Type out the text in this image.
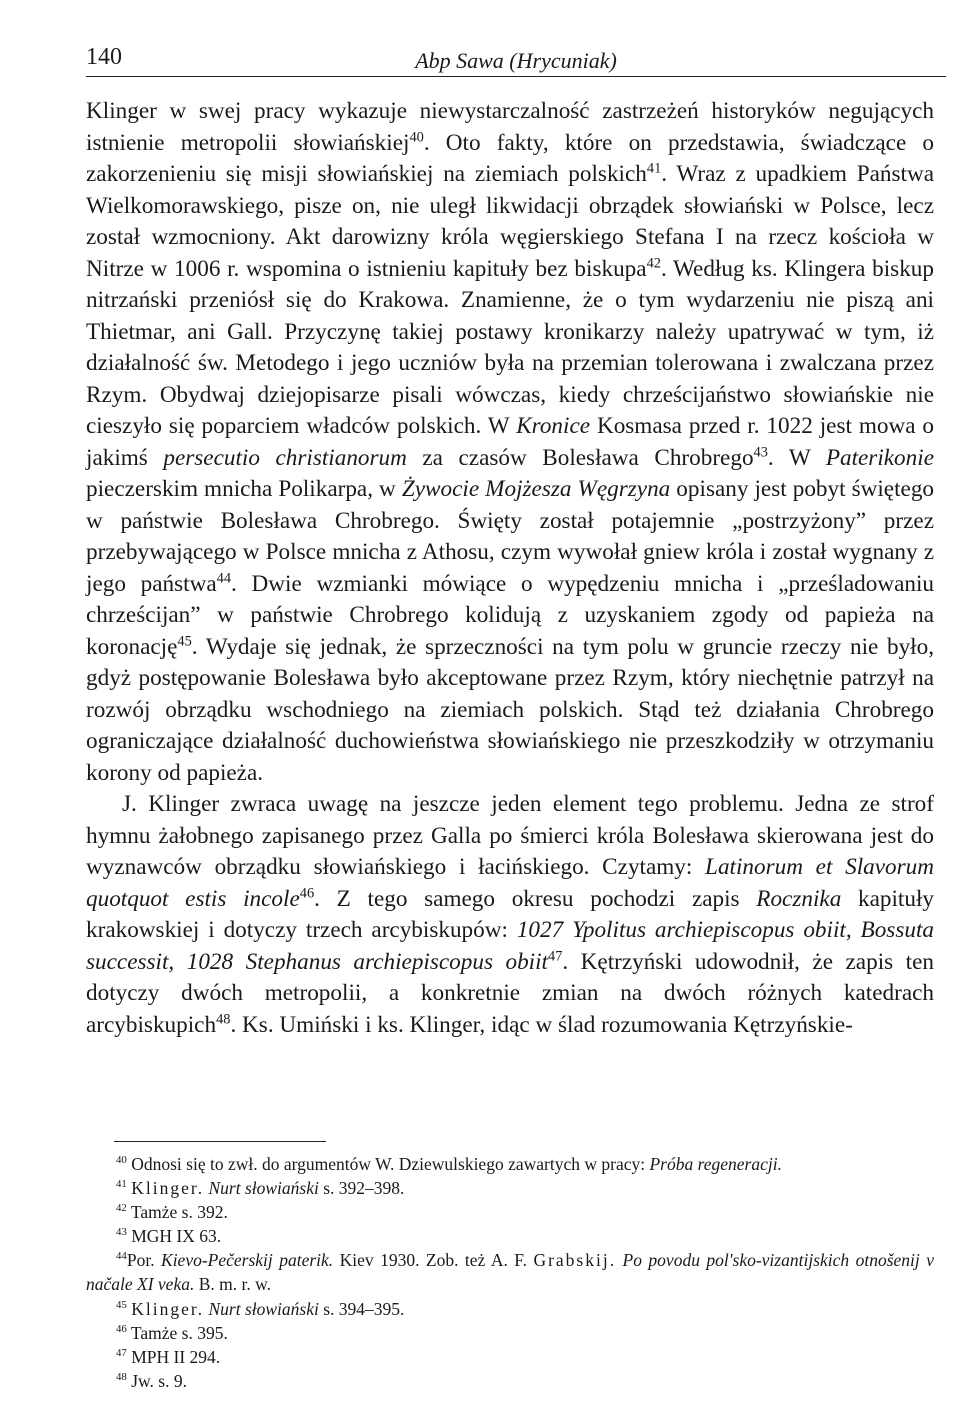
140	Abp Sawa (Hrycuniak)

Klinger w swej pracy wykazuje niewystarczalność zastrzeżeń historyków negujących istnienie metropolii słowiańskiej$^{40}$. Oto fakty, które on przedstawia, świadczące o zakorzenieniu się misji słowiańskiej na ziemiach polskich$^{41}$. Wraz z upadkiem Państwa Wielkomorawskiego, pisze on, nie uległ likwidacji obrządek słowiański w Polsce, lecz został wzmocniony. Akt darowizny króla węgierskiego Stefana I na rzecz kościoła w Nitrze w 1006 r. wspomina o istnieniu kapituły bez biskupa$^{42}$. Według ks. Klingera biskup nitrzański przeniósł się do Krakowa. Znamienne, że o tym wydarzeniu nie piszą ani Thietmar, ani Gall. Przyczynę takiej postawy kronikarzy należy upatrywać w tym, iż działalność św. Metodego i jego uczniów była na przemian tolerowana i zwalczana przez Rzym. Obydwaj dziejopisarze pisali wówczas, kiedy chrześcijaństwo słowiańskie nie cieszyło się poparciem władców polskich. W Kronice Kosmasa przed r. 1022 jest mowa o jakimś persecutio christianorum za czasów Bolesława Chrobrego$^{43}$. W Paterikonie pieczerskim mnicha Polikarpa, w Żywocie Mojżesza Węgrzyna opisany jest pobyt świętego w państwie Bolesława Chrobrego. Święty został potajemnie „postrzyżony” przez przebywającego w Polsce mnicha z Athosu, czym wywołał gniew króla i został wygnany z jego państwa$^{44}$. Dwie wzmianki mówiące o wypędzeniu mnicha i „prześladowaniu chrześcijan” w państwie Chrobrego kolidują z uzyskaniem zgody od papieża na koronację$^{45}$. Wydaje się jednak, że sprzeczności na tym polu w gruncie rzeczy nie było, gdyż postępowanie Bolesława było akceptowane przez Rzym, który niechętnie patrzył na rozwój obrządku wschodniego na ziemiach polskich. Stąd też działania Chrobrego ograniczające działalność duchowieństwa słowiańskiego nie przeszkodziły w otrzymaniu korony od papieża.

J. Klinger zwraca uwagę na jeszcze jeden element tego problemu. Jedna ze strof hymnu żałobnego zapisanego przez Galla po śmierci króla Bolesława skierowana jest do wyznawców obrządku słowiańskiego i łacińskiego. Czytamy: Latinorum et Slavorum quotquot estis incole$^{46}$. Z tego samego okresu pochodzi zapis Rocznika kapituły krakowskiej i dotyczy trzech arcybiskupów: 1027 Ypolitus archiepiscopus obiit, Bossuta successit, 1028 Stephanus archiepiscopus obiit$^{47}$. Kętrzyński udowodnił, że zapis ten dotyczy dwóch metropolii, a konkretnie zmian na dwóch różnych katedrach arcybiskupich$^{48}$. Ks. Umiński i ks. Klinger, idąc w ślad rozumowania Kętrzyńskie-

$^{40}$ Odnosi się to zwł. do argumentów W. Dziewulskiego zawartych w pracy: Próba regeneracji.

$^{41}$ Klinger. Nurt słowiański s. 392–398.

$^{42}$ Tamże s. 392.

$^{43}$ MGH IX 63.

$^{44}$Por. Kievo-Pečerskij paterik. Kiev 1930. Zob. też A. F. Grabskij. Po povodu pol'sko-vizantijskich otnošenij v načale XI veka. B. m. r. w.

$^{45}$ Klinger. Nurt słowiański s. 394–395.

$^{46}$ Tamże s. 395.

$^{47}$ MPH II 294.

$^{48}$ Jw. s. 9.
